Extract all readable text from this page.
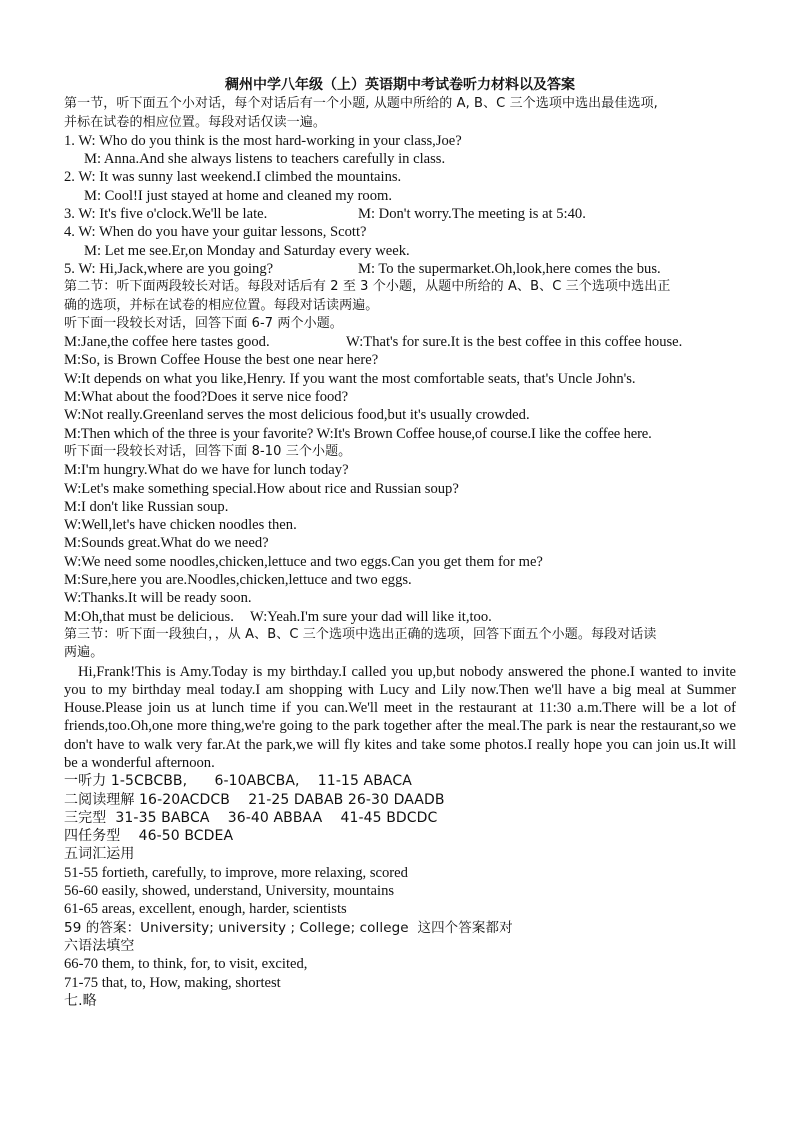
稠州中学八年级（上）英语期中考试卷听力材料以及答案
第一节，听下面五个小对话，每个对话后有一个小题, 从题中所给的 A, B、C 三个选项中选出最佳选项,
并标在试卷的相应位置。每段对话仅读一遍。
1. W: Who do you think is the most hard-working in your class,Joe?
M: Anna.And she always listens to teachers carefully in class.
2. W: It was sunny last weekend.I climbed the mountains.
M: Cool!I just stayed at home and cleaned my room.
3. W: It's five o'clock.We'll be late.	M: Don't worry.The meeting is at 5:40.
4. W: When do you have your guitar lessons, Scott?
M: Let me see.Er,on Monday and Saturday every week.
5. W: Hi,Jack,where are you going?	M: To the supermarket.Oh,look,here comes the bus.
第二节：听下面两段较长对话。每段对话后有 2 至 3 个小题，从题中所给的 A、B、C 三个选项中选出正
确的选项，并标在试卷的相应位置。每段对话读两遍。
听下面一段较长对话，回答下面 6-7 两个小题。
M:Jane,the coffee here tastes good.	W:That's for sure.It is the best coffee in this coffee house.
M:So, is Brown Coffee House the best one near here?
W:It depends on what you like,Henry. If you want the most comfortable seats, that's Uncle John's.
M:What about the food?Does it serve nice food?
W:Not really.Greenland serves the most delicious food,but it's usually crowded.
M:Then which of the three is your favorite? W:It's Brown Coffee house,of course.I like the coffee here.
听下面一段较长对话，回答下面 8-10 三个小题。
M:I'm hungry.What do we have for lunch today?
W:Let's make something special.How about rice and Russian soup?
M:I don't like Russian soup.
W:Well,let's have chicken noodles then.
M:Sounds great.What do we need?
W:We need some noodles,chicken,lettuce and two eggs.Can you get them for me?
M:Sure,here you are.Noodles,chicken,lettuce and two eggs.
W:Thanks.It will be ready soon.
M:Oh,that must be delicious.	W:Yeah.I'm sure your dad will like it,too.
第三节：听下面一段独白，，从 A、B、C 三个选项中选出正确的选项，回答下面五个小题。每段对话读
两遍。
Hi,Frank!This is Amy.Today is my birthday.I called you up,but nobody answered the phone.I wanted to invite you to my birthday meal today.I am shopping with Lucy and Lily now.Then we'll have a big meal at Summer House.Please join us at lunch time if you can.We'll meet in the restaurant at 11:30 a.m.There will be a lot of friends,too.Oh,one more thing,we're going to the park together after the meal.The park is near the restaurant,so we don't have to walk very far.At the park,we will fly kites and take some photos.I really hope you can join us.It will be a wonderful afternoon.
一听力 1-5CBCBB,      6-10ABCBA,    11-15 ABACA
二阅读理解 16-20ACDCB    21-25 DABAB 26-30 DAADB
三完型  31-35 BABCA    36-40 ABBAA    41-45 BDCDC
四任务型    46-50 BCDEA
五词汇运用
51-55 fortieth, carefully, to improve, more relaxing, scored
56-60 easily, showed, understand, University, mountains
61-65 areas, excellent, enough, harder, scientists
59 的答案：University; university ; College; college  这四个答案都对
六语法填空
66-70 them, to think, for, to visit, excited,
71-75 that, to, How, making, shortest
七.略
